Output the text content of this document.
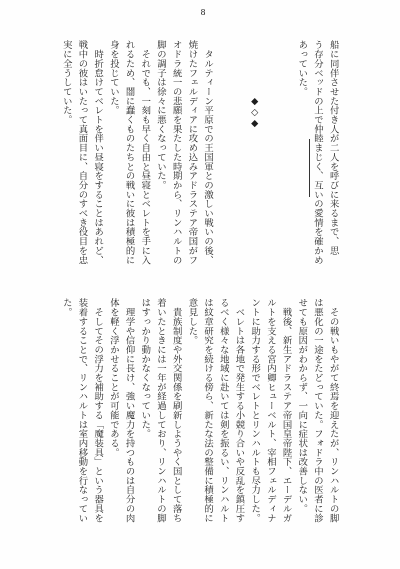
8
船に同伴させた付き人が二人を呼びに来るまで、思
う存分ベッドの上で仲睦まじく、互いの愛情を確かめ
あっていた。
◆◇◆
　タルティーン平原での王国軍との激しい戦いの後、
焼けたフェルディアに攻め込みアドラステア帝国がフ
オドラ統一の悲願を果たした時期から、リンハルトの
脚の調子は徐々に悪くなっていた。
　それでも、一刻も早く自由と昼寝とベレトを手に入
れるため、闇に蠢くものたちとの戦いに彼は積極的に
身を投じていた。
　時折怠けてベレトを伴い昼寝をすることはあれど、
戦中の彼はいたって真面目に、自分のすべき役目を忠
実に全うしていた。
　その戦いもやがて終焉を迎えたが、リンハルトの脚
は悪化の一途をたどっていた。フォドラ中の医者に診
せても原因がわからず、一向に症状は改善しない。
　戦後、新生アドラステア帝国皇帝陛下、エーデルガ
ルトを支える宮内卿ヒューベルト、宰相フェルディナ
ントに助力する形でベレトとリンハルトも尽力した。
　ベレトは各地で発生する小競り合いや反乱を鎮圧す
るべく様々な地域に赴いては剣を振るい、リンハルト
は紋章研究を続ける傍ら、新たな法の整備に積極的に
意見した。
　貴族制度や外交関係を刷新しようやく国として落ち
着いたときには一年が経過しており、リンハルトの脚
はすっかり動かなくなっていた。
　理学や信仰に長け、強い魔力を持つものは自分の肉
体を軽く浮かせることが可能である。
　そしてその浮力を補助する「魔装具」という器具を
装着することで、リンハルトは室内移動を行なってい
た。
